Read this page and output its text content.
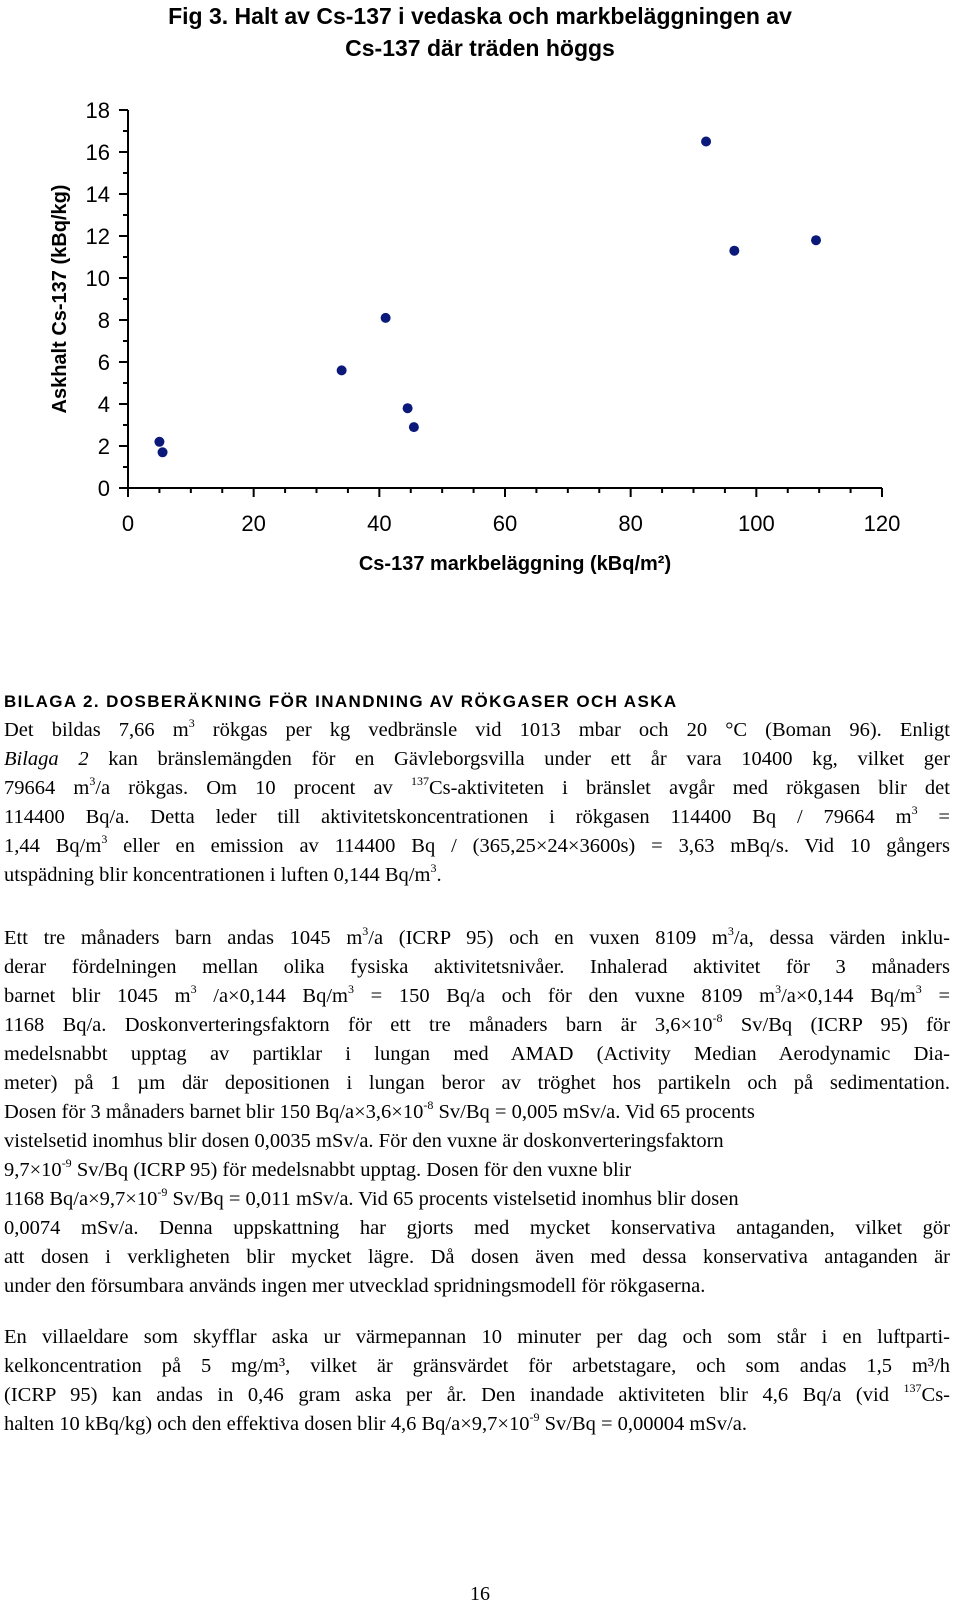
Fig 3. Halt av Cs-137 i vedaska och markbeläggningen av
Cs-137 där träden höggs
0
2
4
6
8
10
12
14
16
18
0	20	40	60	80	100	120
Cs-137 markbeläggning (kBq/m²)
Askhalt Cs-137 (kBq/kg)
BILAGA 2. DOSBERÄKNING FÖR INANDNING AV RÖKGASER OCH ASKA
Det bildas 7,66 $m^3$ rökgas per kg vedbränsle vid 1013 mbar och 20 °C (Boman 96). Enligt
Bilaga 2 kan bränslemängden för en Gävleborgsvilla under ett år vara 10400 kg, vilket ger
79664 $m^3/a$ rökgas. Om 10 procent av $^{137}$Cs-aktiviteten i bränslet avgår med rökgasen blir det
114400 Bq/a. Detta leder till aktivitetskoncentrationen i rökgasen 114400 Bq / 79664 $m^3$ =
1,44 $Bq/m^3$ eller en emission av 114400 Bq / (365,25×24×3600s) = 3,63 mBq/s. Vid 10 gångers
utspädning blir koncentrationen i luften 0,144 $Bq/m^3$.
Ett tre månaders barn andas 1045 $m^3/a$ (ICRP 95) och en vuxen 8109 $m^3/a$, dessa värden inklu-
derar fördelningen mellan olika fysiska aktivitetsnivåer. Inhalerad aktivitet för 3 månaders
barnet blir 1045 $m^3$ /a×0,144 $Bq/m^3 = 150$ Bq/a och för den vuxne 8109 $m^3/a\times 0,144$ $Bq/m^3$ =
1168 Bq/a. Doskonverteringsfaktorn för ett tre månaders barn är $3,6\times 10^{-8}$ Sv/Bq (ICRP 95) för
medelsnabbt upptag av partiklar i lungan med AMAD (Activity Median Aerodynamic Dia-
meter) på 1 µm där depositionen i lungan beror av tröghet hos partikeln och på sedimentation.
Dosen för 3 månaders barnet blir 150 $Bq/a\times 3,6\times 10^{-8}$ Sv/Bq = 0,005 mSv/a. Vid 65 procents
vistelsetid inomhus blir dosen 0,0035 mSv/a. För den vuxne är doskonverteringsfaktorn
$9,7\times 10^{-9}$ Sv/Bq (ICRP 95) för medelsnabbt upptag. Dosen för den vuxne blir
1168 $Bq/a\times 9,7\times 10^{-9}$ Sv/Bq = 0,011 mSv/a. Vid 65 procents vistelsetid inomhus blir dosen
0,0074 mSv/a. Denna uppskattning har gjorts med mycket konservativa antaganden, vilket gör
att dosen i verkligheten blir mycket lägre. Då dosen även med dessa konservativa antaganden är
under den försumbara används ingen mer utvecklad spridningsmodell för rökgaserna.
En villaeldare som skyfflar aska ur värmepannan 10 minuter per dag och som står i en luftparti-
kelkoncentration på 5 mg/m³, vilket är gränsvärdet för arbetstagare, och som andas 1,5 m³/h
(ICRP 95) kan andas in 0,46 gram aska per år. Den inandade aktiviteten blir 4,6 Bq/a (vid $^{137}$Cs-
halten 10 kBq/kg) och den effektiva dosen blir 4,6 $Bq/a\times 9,7\times 10^{-9}$ Sv/Bq = 0,00004 mSv/a.
16
